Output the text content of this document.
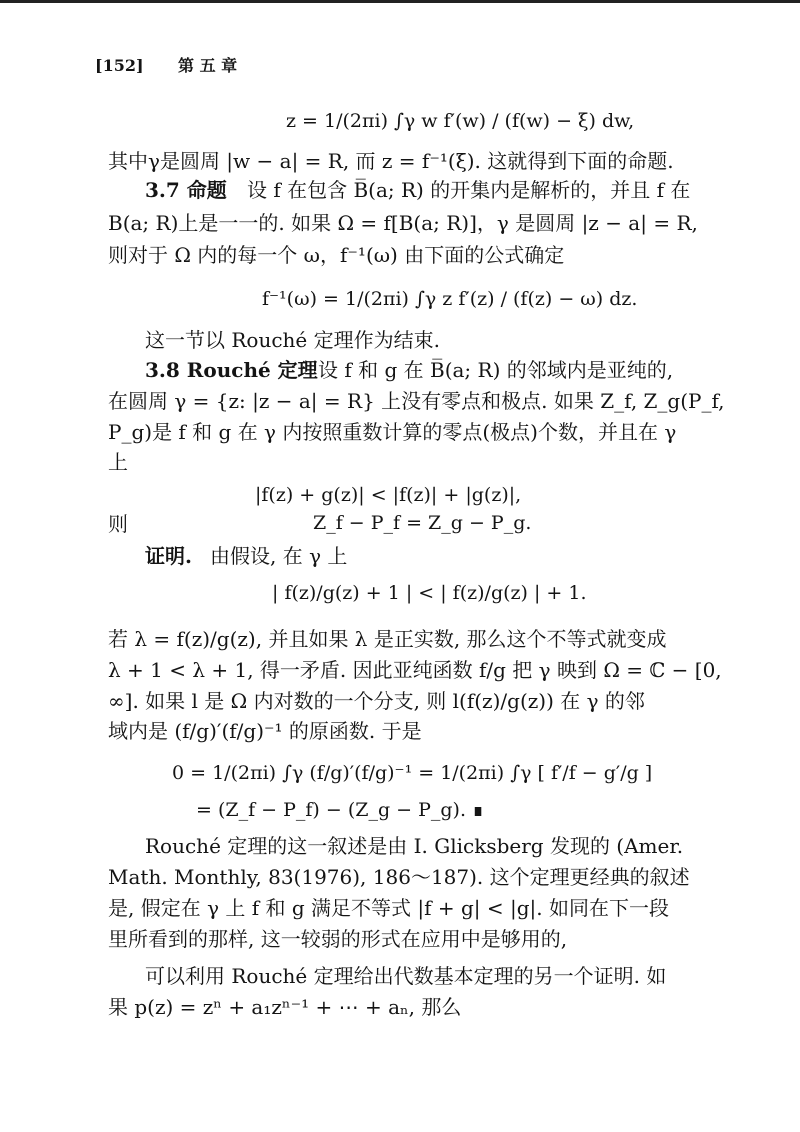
[152] 第 五 章
z = 1/(2πi) ∫γ w f′(w) / (f(w) − ξ) dw,
其中γ是圆周 |w − a| = R, 而 z = f⁻¹(ξ). 这就得到下面的命题.
3.7 命题 设 f 在包含 B̅(a; R) 的开集内是解析的，并且 f 在
B(a; R)上是一一的. 如果 Ω = f[B(a; R)]，γ 是圆周 |z − a| = R,
则对于 Ω 内的每一个 ω，f⁻¹(ω) 由下面的公式确定
f⁻¹(ω) = 1/(2πi) ∫γ z f′(z) / (f(z) − ω) dz.
这一节以 Rouché 定理作为结束.
3.8 Rouché 定理 设 f 和 g 在 B̅(a; R) 的邻域内是亚纯的,
在圆周 γ = {z: |z − a| = R} 上没有零点和极点. 如果 Z_f, Z_g(P_f,
P_g)是 f 和 g 在 γ 内按照重数计算的零点(极点)个数，并且在 γ
上
|f(z) + g(z)| < |f(z)| + |g(z)|,
则	Z_f − P_f = Z_g − P_g.
证明. 由假设, 在 γ 上
| f(z)/g(z) + 1 | < | f(z)/g(z) | + 1.
若 λ = f(z)/g(z), 并且如果 λ 是正实数, 那么这个不等式就变成
λ + 1 < λ + 1, 得一矛盾. 因此亚纯函数 f/g 把 γ 映到 Ω = ℂ − [0,
∞]. 如果 l 是 Ω 内对数的一个分支, 则 l(f(z)/g(z)) 在 γ 的邻
域内是 (f/g)′(f/g)⁻¹ 的原函数. 于是
0 = 1/(2πi) ∫γ (f/g)′(f/g)⁻¹ = 1/(2πi) ∫γ [ f′/f − g′/g ]
= (Z_f − P_f) − (Z_g − P_g). ∎
Rouché 定理的这一叙述是由 I. Glicksberg 发现的 (Amer.
Math. Monthly, 83(1976), 186～187). 这个定理更经典的叙述
是, 假定在 γ 上 f 和 g 满足不等式 |f + g| < |g|. 如同在下一段
里所看到的那样, 这一较弱的形式在应用中是够用的,
可以利用 Rouché 定理给出代数基本定理的另一个证明. 如
果 p(z) = zⁿ + a₁zⁿ⁻¹ + ⋯ + aₙ, 那么
